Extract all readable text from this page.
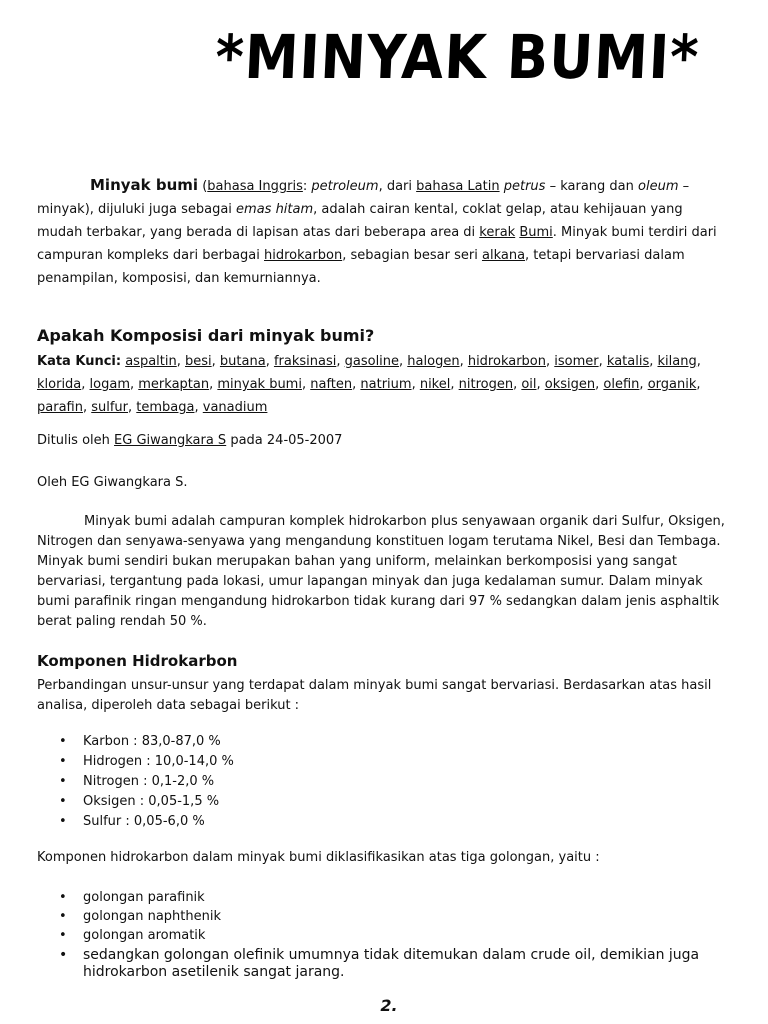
*MINYAK BUMI*
Minyak bumi (bahasa Inggris: petroleum, dari bahasa Latin petrus – karang dan oleum – minyak), dijuluki juga sebagai emas hitam, adalah cairan kental, coklat gelap, atau kehijauan yang mudah terbakar, yang berada di lapisan atas dari beberapa area di kerak Bumi. Minyak bumi terdiri dari campuran kompleks dari berbagai hidrokarbon, sebagian besar seri alkana, tetapi bervariasi dalam penampilan, komposisi, dan kemurniannya.
Apakah Komposisi dari minyak bumi?
Kata Kunci: aspaltin, besi, butana, fraksinasi, gasoline, halogen, hidrokarbon, isomer, katalis, kilang, klorida, logam, merkaptan, minyak bumi, naften, natrium, nikel, nitrogen, oil, oksigen, olefin, organik, parafin, sulfur, tembaga, vanadium
Ditulis oleh EG Giwangkara S pada 24-05-2007
Oleh EG Giwangkara S.
Minyak bumi adalah campuran komplek hidrokarbon plus senyawaan organik dari Sulfur, Oksigen, Nitrogen dan senyawa-senyawa yang mengandung konstituen logam terutama Nikel, Besi dan Tembaga. Minyak bumi sendiri bukan merupakan bahan yang uniform, melainkan berkomposisi yang sangat bervariasi, tergantung pada lokasi, umur lapangan minyak dan juga kedalaman sumur. Dalam minyak bumi parafinik ringan mengandung hidrokarbon tidak kurang dari 97 % sedangkan dalam jenis asphaltik berat paling rendah 50 %.
Komponen Hidrokarbon
Perbandingan unsur-unsur yang terdapat dalam minyak bumi sangat bervariasi. Berdasarkan atas hasil analisa, diperoleh data sebagai berikut :
• Karbon : 83,0-87,0 %
• Hidrogen : 10,0-14,0 %
• Nitrogen : 0,1-2,0 %
• Oksigen : 0,05-1,5 %
• Sulfur : 0,05-6,0 %
Komponen hidrokarbon dalam minyak bumi diklasifikasikan atas tiga golongan, yaitu :
• golongan parafinik
• golongan naphthenik
• golongan aromatik
• sedangkan golongan olefinik umumnya tidak ditemukan dalam crude oil, demikian juga hidrokarbon asetilenik sangat jarang.
2.
